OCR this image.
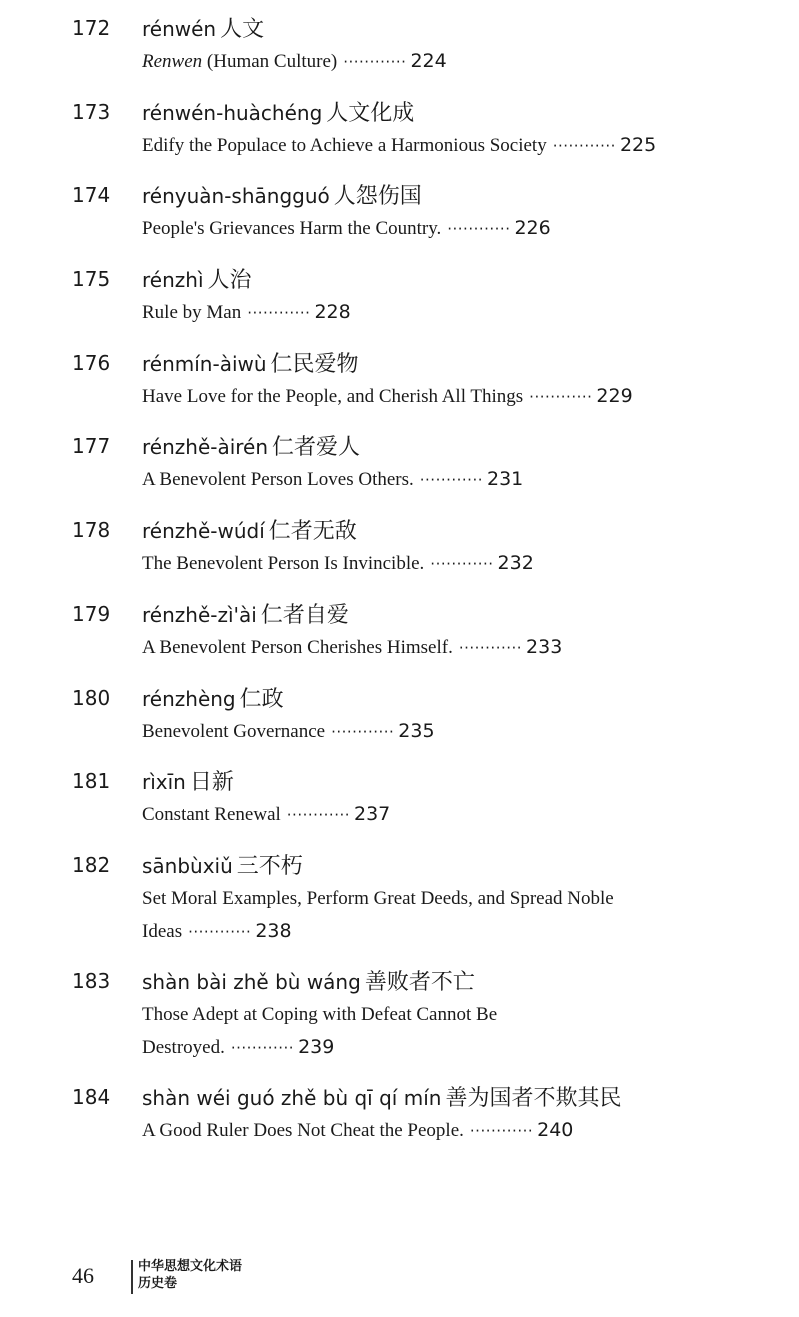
172 rénwén 人文
Renwen (Human Culture) ············ 224
173 rénwén-huàchéng 人文化成
Edify the Populace to Achieve a Harmonious Society ············ 225
174 rényuàn-shāngguó 人怨伤国
People's Grievances Harm the Country. ············ 226
175 rénzhì 人治
Rule by Man ············ 228
176 rénmín-àiwù 仁民爱物
Have Love for the People, and Cherish All Things ············ 229
177 rénzhě-àirén 仁者爱人
A Benevolent Person Loves Others. ············ 231
178 rénzhě-wúdí 仁者无敌
The Benevolent Person Is Invincible. ············ 232
179 rénzhě-zì'ài 仁者自爱
A Benevolent Person Cherishes Himself. ············ 233
180 rénzhèng 仁政
Benevolent Governance ············ 235
181 rìxīn 日新
Constant Renewal ············ 237
182 sānbùxiǔ 三不朽
Set Moral Examples, Perform Great Deeds, and Spread Noble Ideas ············ 238
183 shàn bài zhě bù wáng 善败者不亡
Those Adept at Coping with Defeat Cannot Be Destroyed. ············ 239
184 shàn wéi guó zhě bù qī qí mín 善为国者不欺其民
A Good Ruler Does Not Cheat the People. ············ 240
46	中华思想文化术语
历史卷
